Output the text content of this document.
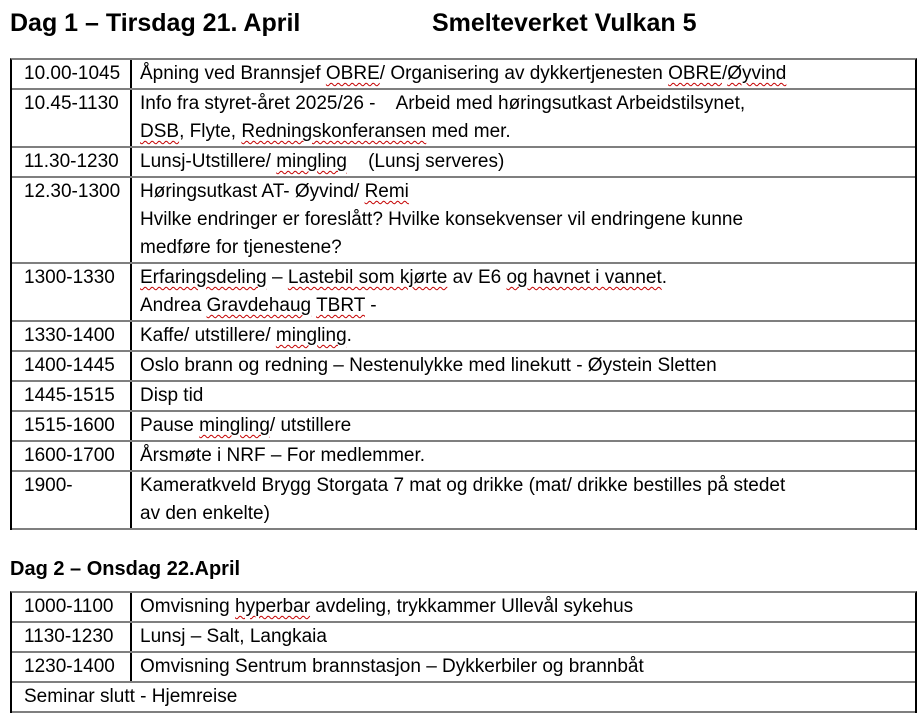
Dag 1 – Tirsdag 21. April	Smelteverket Vulkan 5
10.00-1045	Åpning ved Brannsjef OBRE/ Organisering av dykkertjenesten OBRE/Øyvind
10.45-1130	Info fra styret-året 2025/26 -    Arbeid med høringsutkast Arbeidstilsynet,
DSB, Flyte, Redningskonferansen med mer.
11.30-1230	Lunsj-Utstillere/ mingling    (Lunsj serveres)
12.30-1300	Høringsutkast AT- Øyvind/ Remi
Hvilke endringer er foreslått? Hvilke konsekvenser vil endringene kunne
medføre for tjenestene?
1300-1330	Erfaringsdeling – Lastebil som kjørte av E6 og havnet i vannet.
Andrea Gravdehaug TBRT -
1330-1400	Kaffe/ utstillere/ mingling.
1400-1445	Oslo brann og redning – Nestenulykke med linekutt - Øystein Sletten
1445-1515	Disp tid
1515-1600	Pause mingling/ utstillere
1600-1700	Årsmøte i NRF – For medlemmer.
1900-	Kameratkveld Brygg Storgata 7 mat og drikke (mat/ drikke bestilles på stedet
av den enkelte)
Dag 2 – Onsdag 22.April
1000-1100	Omvisning hyperbar avdeling, trykkammer Ullevål sykehus
1130-1230	Lunsj – Salt, Langkaia
1230-1400	Omvisning Sentrum brannstasjon – Dykkerbiler og brannbåt
Seminar slutt - Hjemreise
